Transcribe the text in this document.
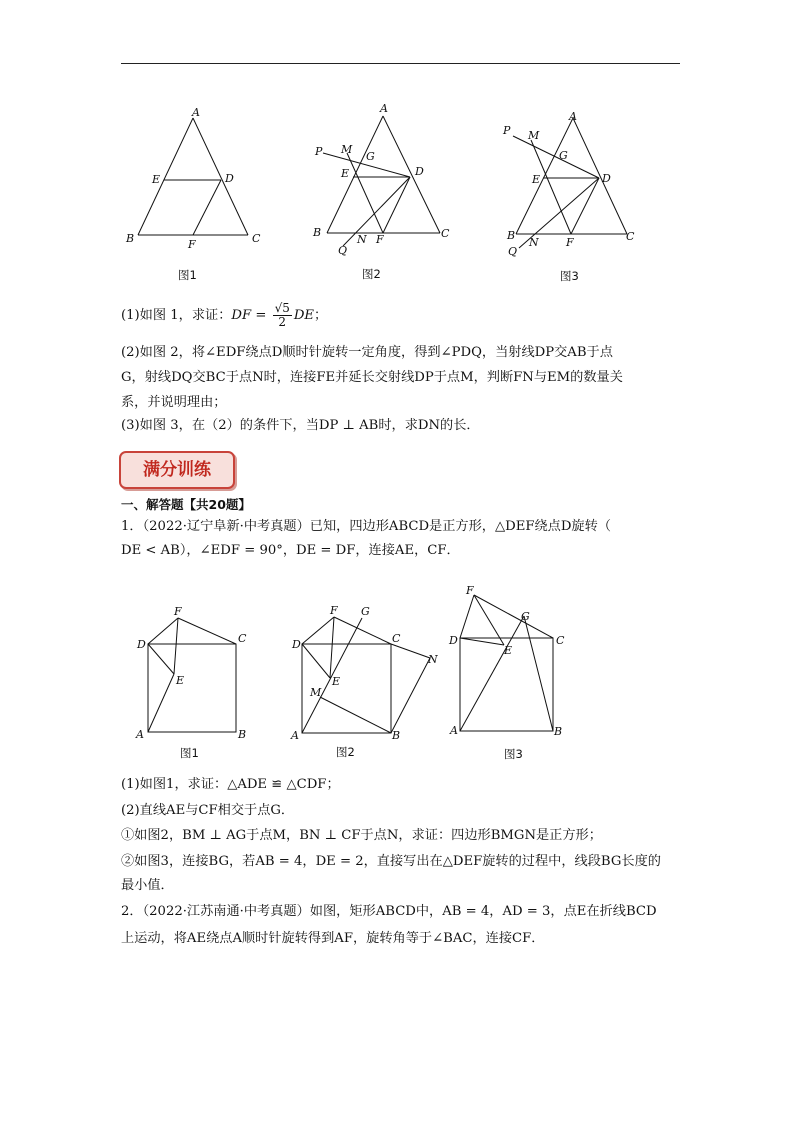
A
E	D
B	F	C
图1
A
P M
G
E	D
B
N F	C
Q
图2
A
P M
G
E	D
B
N F	C
Q
图3
(1)如图 1，求证：DF = $\frac{√5}{2}$ DE；
(2)如图 2，将∠EDF绕点D顺时针旋转一定角度，得到∠PDQ，当射线DP交AB于点
G，射线DQ交BC于点N时，连接FE并延长交射线DP于点M，判断FN与EM的数量关
系，并说明理由；
(3)如图 3，在（2）的条件下，当DP ⊥ AB时，求DN的长．
满分训练
一、解答题【共20题】
1．（2022·辽宁阜新·中考真题）已知，四边形ABCD是正方形，△DEF绕点D旋转（
DE < AB），∠EDF = 90°，DE = DF，连接AE，CF．
F
D	C
E
A	B
图1
F G
D	C
N
E
M
A	B
图2
F
G
D	C
E
A	B
图3
(1)如图1，求证：△ADE ≌ △CDF；
(2)直线AE与CF相交于点G．
①如图2，BM ⊥ AG于点M，BN ⊥ CF于点N，求证：四边形BMGN是正方形；
②如图3，连接BG，若AB = 4，DE = 2，直接写出在△DEF旋转的过程中，线段BG长度的
最小值．
2．（2022·江苏南通·中考真题）如图，矩形ABCD中，AB = 4，AD = 3，点E在折线BCD
上运动，将AE绕点A顺时针旋转得到AF，旋转角等于∠BAC，连接CF．
